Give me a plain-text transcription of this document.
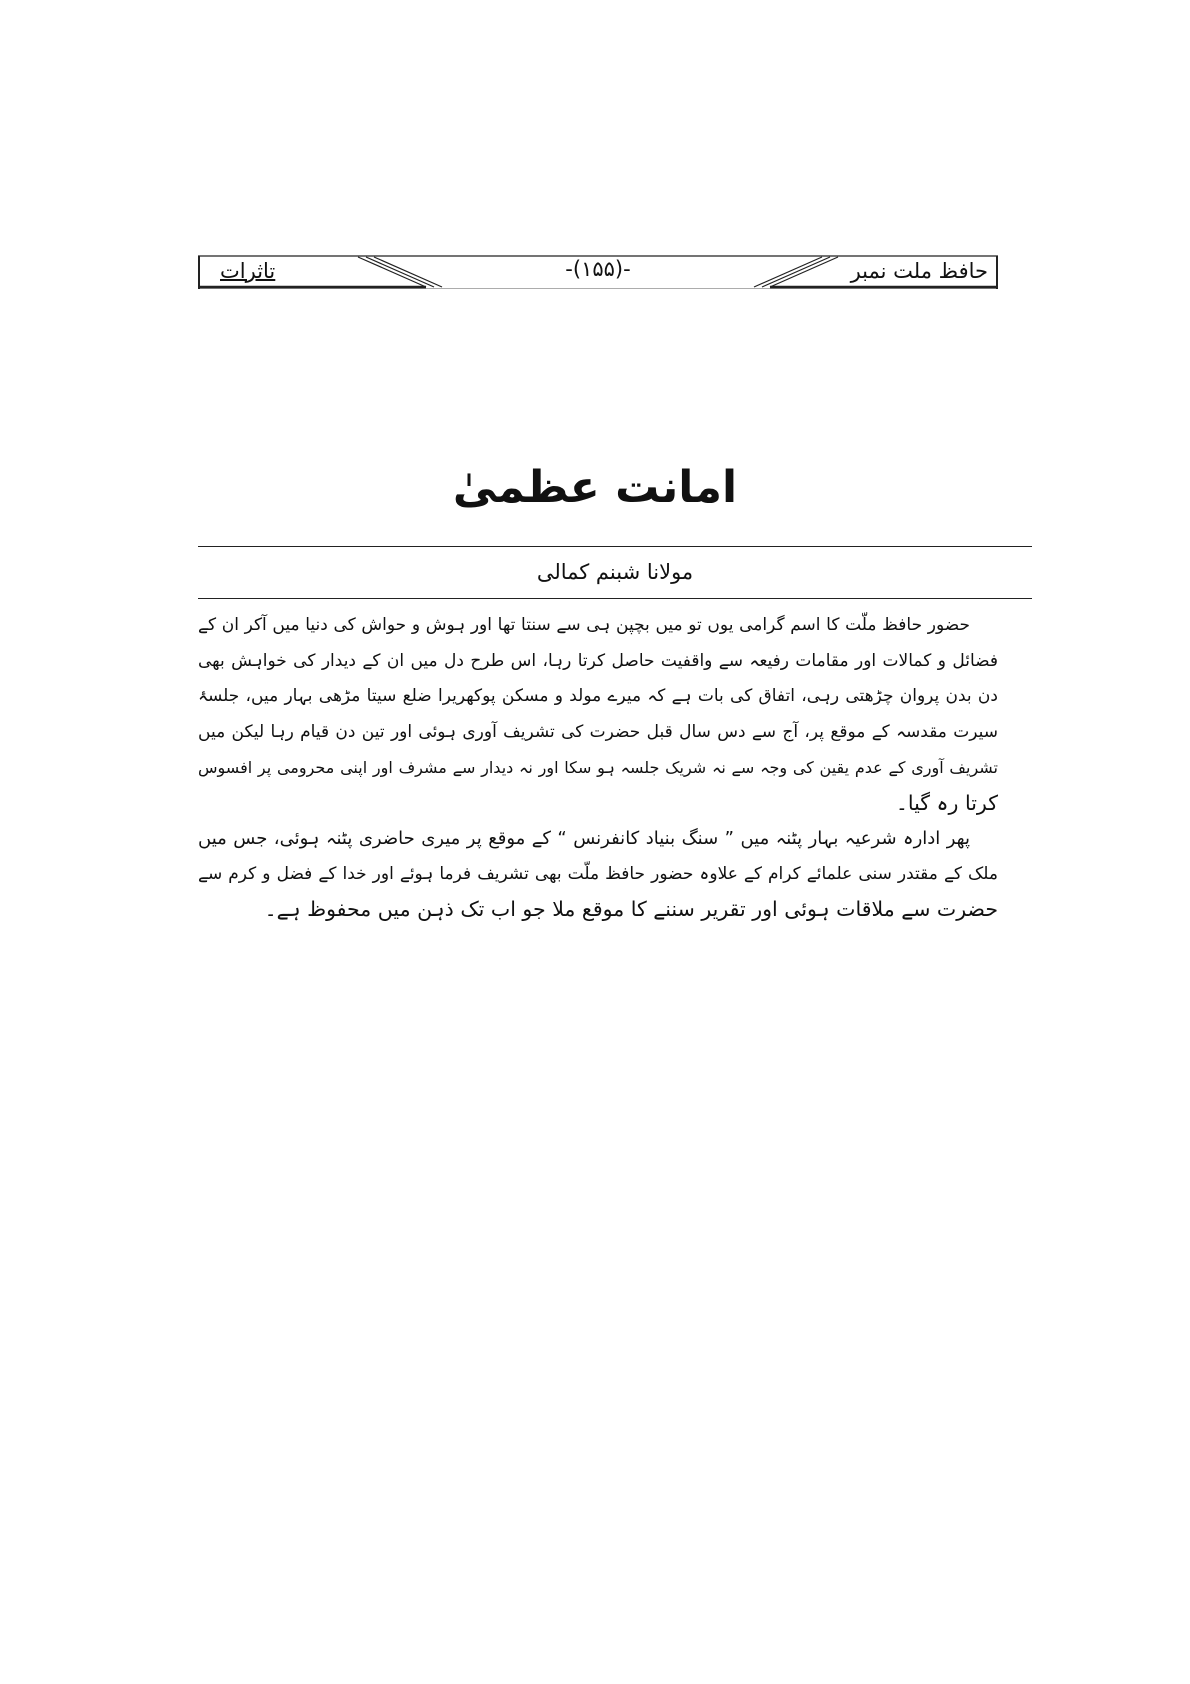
حافظ ملت نمبر
-(۱۵۵)-
تاثرات
امانت عظمیٰ
مولانا شبنم کمالی
حضور حافظ ملّت کا اسم گرامی یوں تو میں بچپن ہی سے سنتا تھا اور ہوش و حواش کی دنیا میں آکر ان کے
فضائل و کمالات اور مقامات رفیعہ سے واقفیت حاصل کرتا رہا، اس طرح دل میں ان کے دیدار کی خواہش بھی
دن بدن پروان چڑھتی رہی، اتفاق کی بات ہے کہ میرے مولد و مسکن پوکھریرا ضلع سیتا مڑھی بہار میں، جلسۂ
سیرت مقدسہ کے موقع پر، آج سے دس سال قبل حضرت کی تشریف آوری ہوئی اور تین دن قیام رہا لیکن میں
تشریف آوری کے عدم یقین کی وجہ سے نہ شریک جلسہ ہو سکا اور نہ دیدار سے مشرف اور اپنی محرومی پر افسوس
کرتا رہ گیا۔
پھر ادارہ شرعیہ بہار پٹنہ میں ” سنگ بنیاد کانفرنس “ کے موقع پر میری حاضری پٹنہ ہوئی، جس میں
ملک کے مقتدر سنی علمائے کرام کے علاوہ حضور حافظ ملّت بھی تشریف فرما ہوئے اور خدا کے فضل و کرم سے
حضرت سے ملاقات ہوئی اور تقریر سننے کا موقع ملا جو اب تک ذہن میں محفوظ ہے۔
